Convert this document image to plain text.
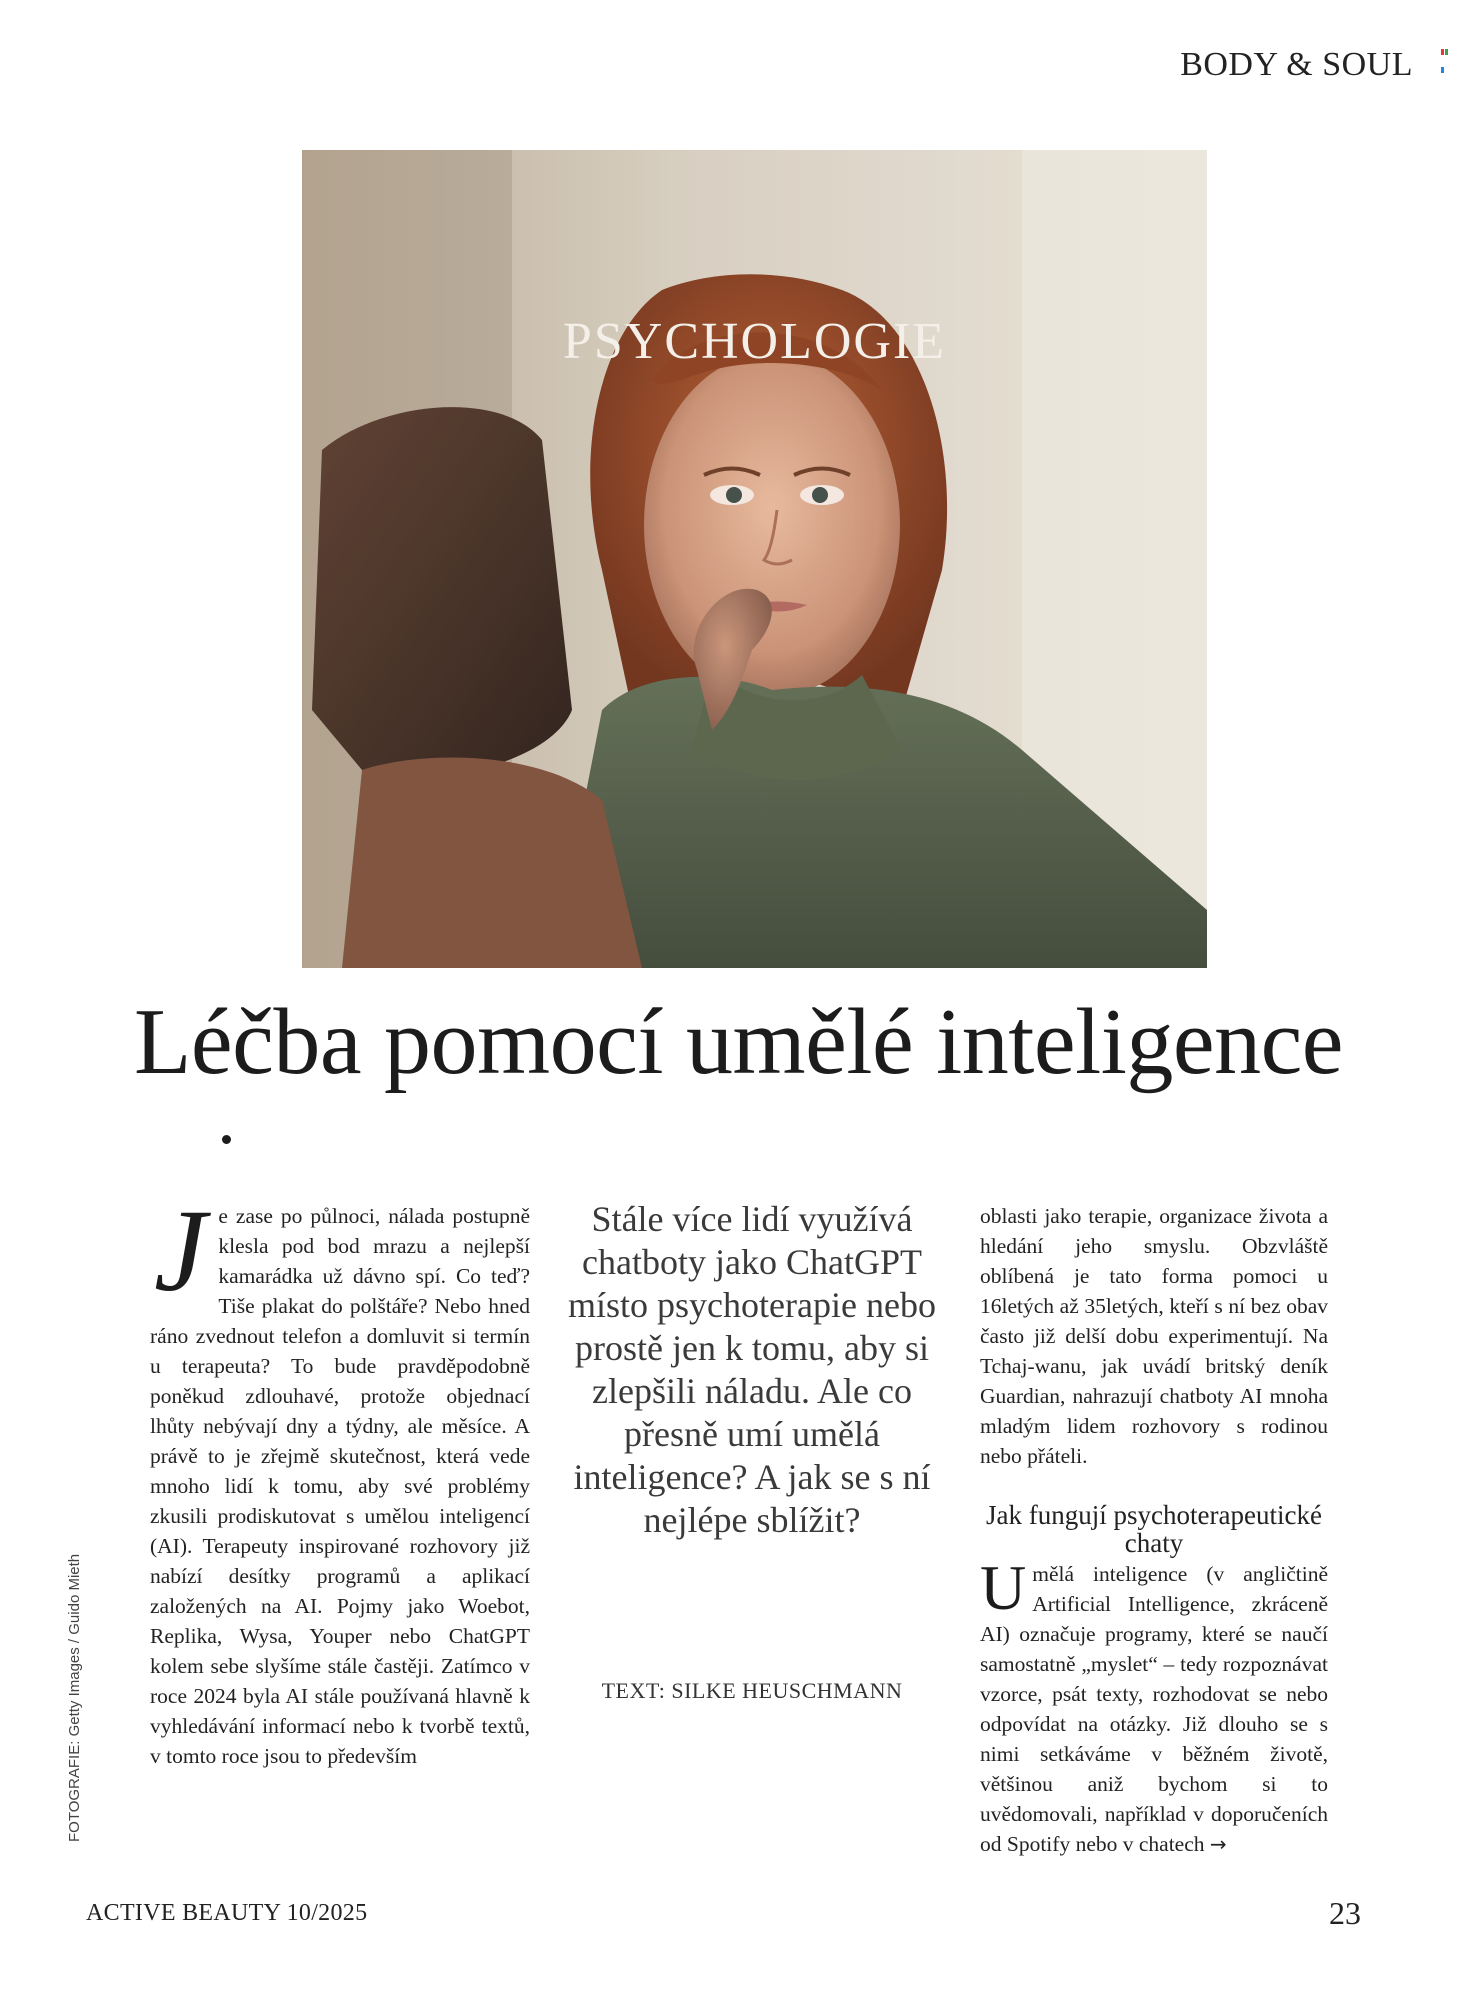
BODY & SOUL
PSYCHOLOGIE
Léčba pomocí umělé inteligence
J e zase po půlnoci, nálada postupně klesla pod bod mrazu a nejlepší kamarádka už dávno spí. Co teď? Tiše plakat do polštáře? Nebo hned ráno zvednout telefon a domluvit si termín u terapeuta? To bude pravděpodobně poněkud zdlouhavé, protože objednací lhůty nebývají dny a týdny, ale měsíce. A právě to je zřejmě skutečnost, která vede mnoho lidí k tomu, aby své problémy zkusili prodiskutovat s umělou inteligencí (AI). Terapeuty inspirované rozhovory již nabízí desítky programů a aplikací založených na AI. Pojmy jako Woebot, Replika, Wysa, Youper nebo ChatGPT kolem sebe slyšíme stále častěji. Zatímco v roce 2024 byla AI stále používaná hlavně k vyhledávání informací nebo k tvorbě textů, v tomto roce jsou to především

Stále více lidí využívá chatboty jako ChatGPT místo psychoterapie nebo prostě jen k tomu, aby si zlepšili náladu. Ale co přesně umí umělá inteligence? A jak se s ní nejlépe sblížit?

TEXT: SILKE HEUSCHMANN
oblasti jako terapie, organizace života a hledání jeho smyslu. Obzvláště oblíbená je tato forma pomoci u 16letých až 35letých, kteří s ní bez obav často již delší dobu experimentují. Na Tchaj-wanu, jak uvádí britský deník Guardian, nahrazují chatboty AI mnoha mladým lidem rozhovory s rodinou nebo přáteli.
Jak fungují psychoterapeutické chaty
U mělá inteligence (v angličtině Artificial Intelligence, zkráceně AI) označuje programy, které se naučí samostatně „myslet“ – tedy rozpoznávat vzorce, psát texty, rozhodovat se nebo odpovídat na otázky. Již dlouho se s nimi setkáváme v běžném životě, většinou aniž bychom si to uvědomovali, například v doporučeních od Spotify nebo v chatech →
FOTOGRAFIE: Getty Images / Guido Mieth
ACTIVE BEAUTY 10/2025	23
